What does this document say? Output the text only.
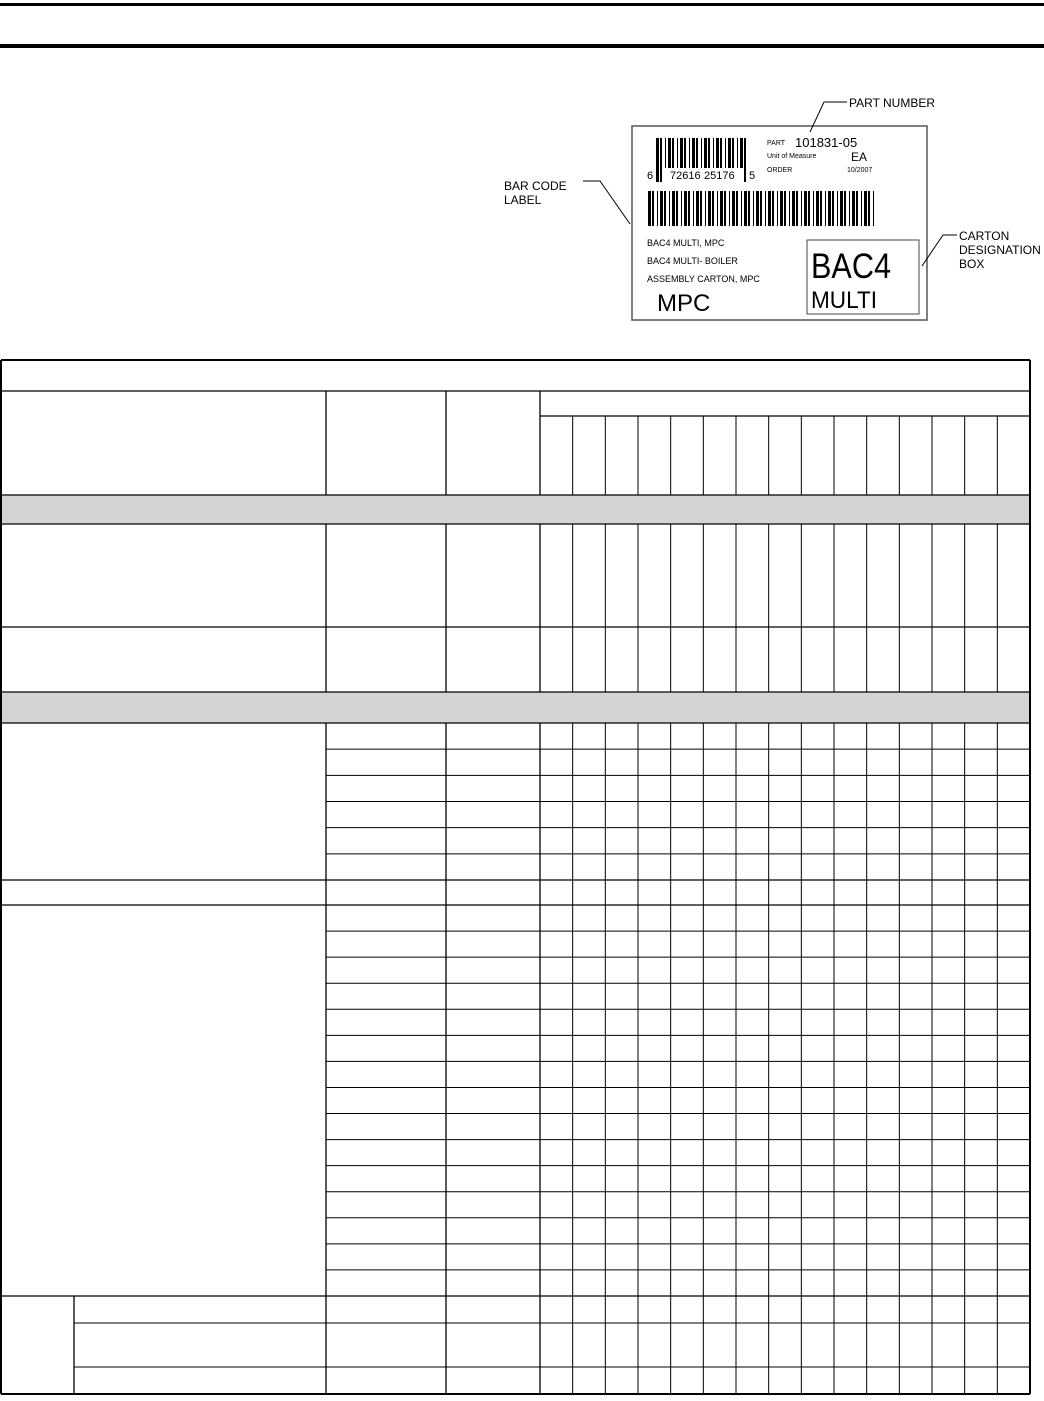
PART 101831-05
Unit of Measure	EA
ORDER	10/2007
6 72616 25176 5
BAC4 MULTI, MPC
BAC4 MULTI- BOILER
ASSEMBLY CARTON, MPC
MPC
BAC4
MULTI
PART NUMBER
BAR CODE
LABEL
CARTON
DESIGNATION
BOX
